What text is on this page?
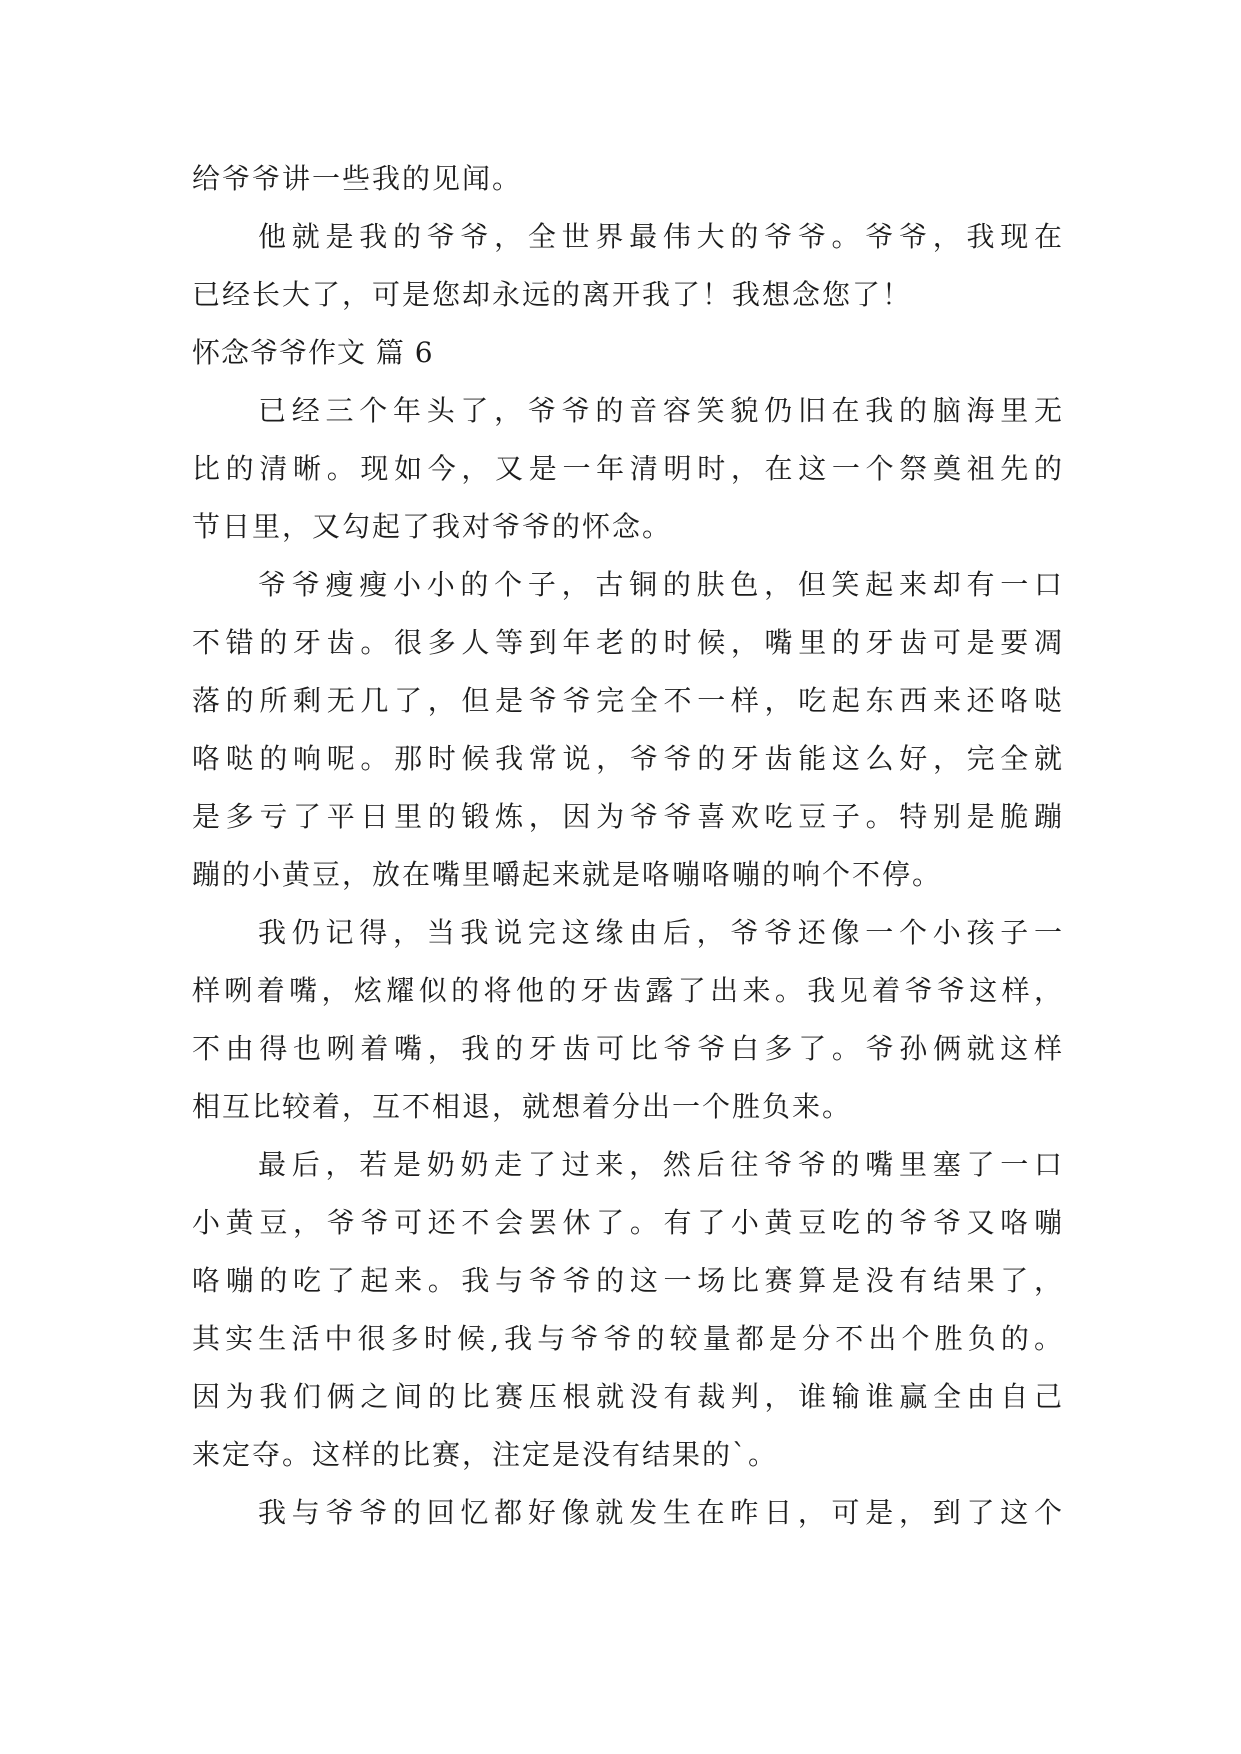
给爷爷讲一些我的见闻。
他就是我的爷爷，全世界最伟大的爷爷。爷爷，我现在
已经长大了，可是您却永远的离开我了！我想念您了！
怀念爷爷作文 篇 6
已经三个年头了，爷爷的音容笑貌仍旧在我的脑海里无
比的清晰。现如今，又是一年清明时，在这一个祭奠祖先的
节日里，又勾起了我对爷爷的怀念。
爷爷瘦瘦小小的个子，古铜的肤色，但笑起来却有一口
不错的牙齿。很多人等到年老的时候，嘴里的牙齿可是要凋
落的所剩无几了，但是爷爷完全不一样，吃起东西来还咯哒
咯哒的响呢。那时候我常说，爷爷的牙齿能这么好，完全就
是多亏了平日里的锻炼，因为爷爷喜欢吃豆子。特别是脆蹦
蹦的小黄豆，放在嘴里嚼起来就是咯嘣咯嘣的响个不停。
我仍记得，当我说完这缘由后，爷爷还像一个小孩子一
样咧着嘴，炫耀似的将他的牙齿露了出来。我见着爷爷这样，
不由得也咧着嘴，我的牙齿可比爷爷白多了。爷孙俩就这样
相互比较着，互不相退，就想着分出一个胜负来。
最后，若是奶奶走了过来，然后往爷爷的嘴里塞了一口
小黄豆，爷爷可还不会罢休了。有了小黄豆吃的爷爷又咯嘣
咯嘣的吃了起来。我与爷爷的这一场比赛算是没有结果了，
其实生活中很多时候,我与爷爷的较量都是分不出个胜负的。
因为我们俩之间的比赛压根就没有裁判，谁输谁赢全由自己
来定夺。这样的比赛，注定是没有结果的`。
我与爷爷的回忆都好像就发生在昨日，可是，到了这个
